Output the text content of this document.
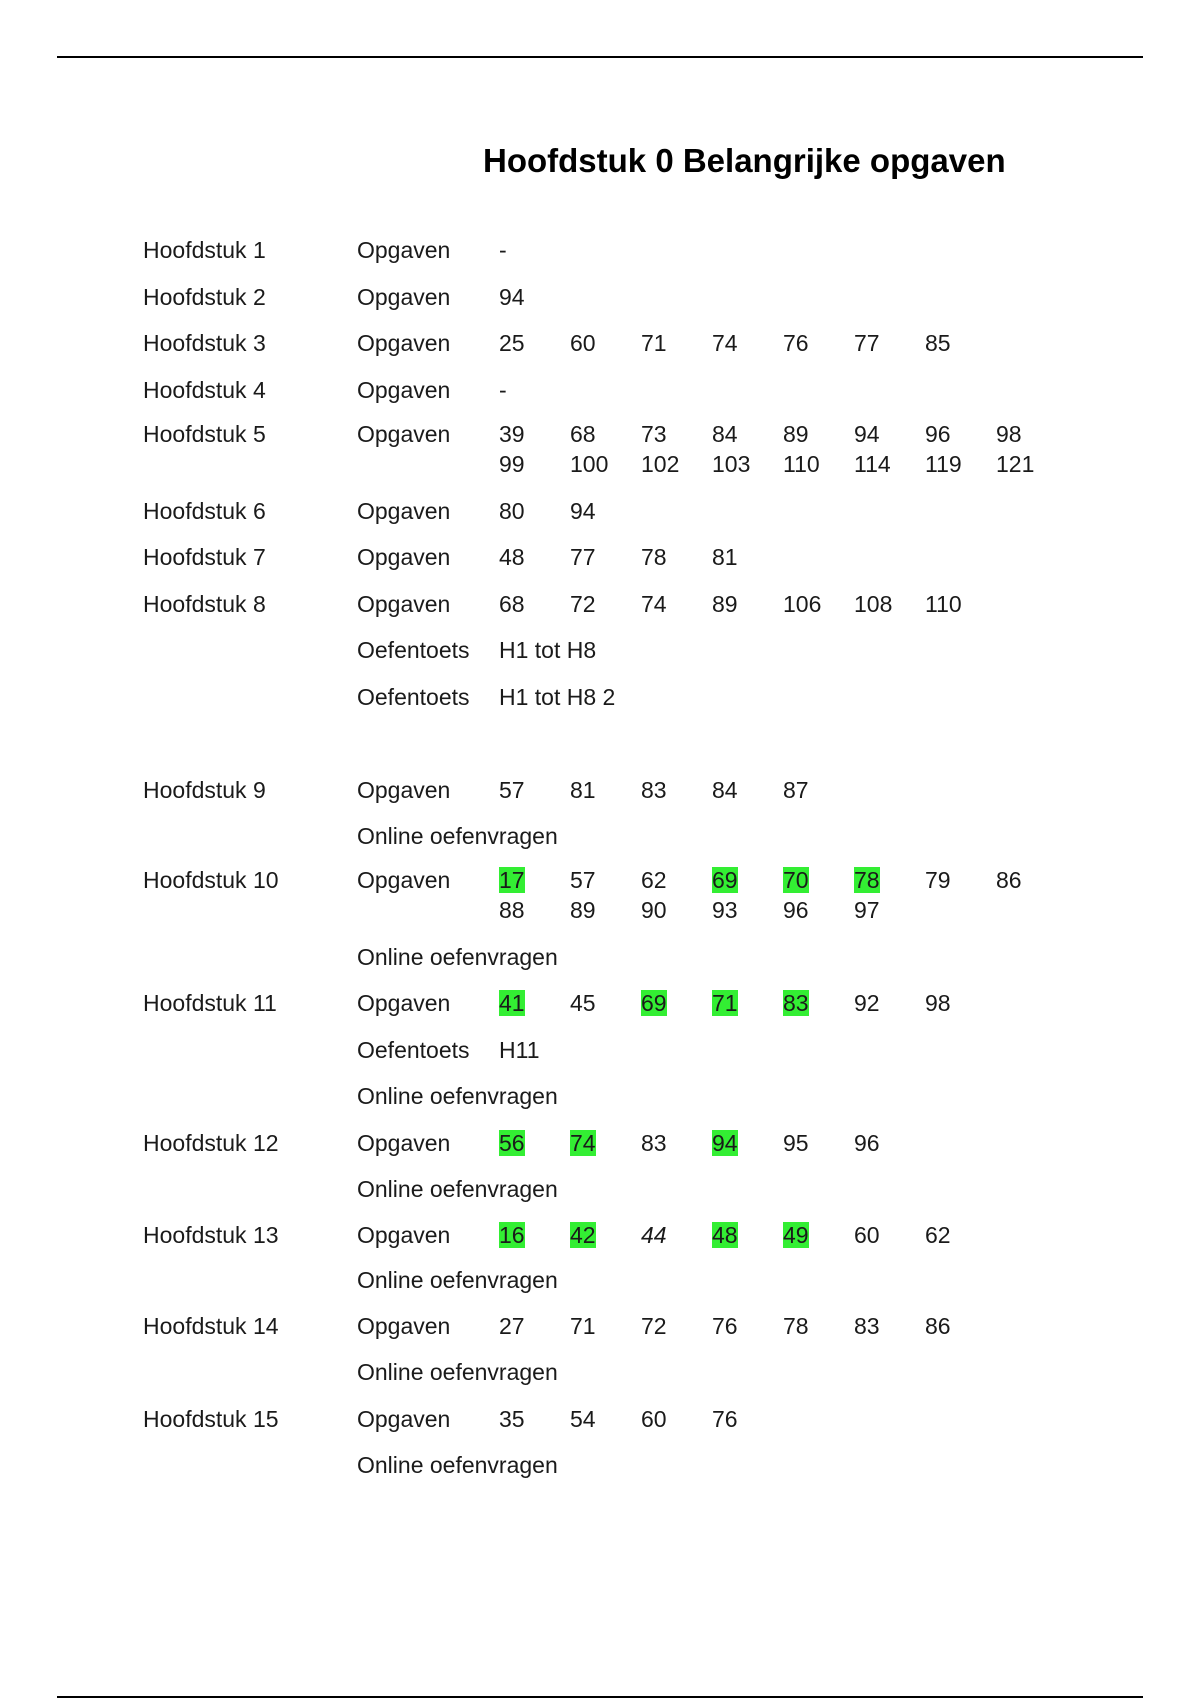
Hoofdstuk 0 Belangrijke opgaven
Hoofdstuk 1	Opgaven -
Hoofdstuk 2	Opgaven 94
Hoofdstuk 3	Opgaven 25 60 71 74 76 77 85
Hoofdstuk 4	Opgaven -
Hoofdstuk 5	Opgaven 39 68 73 84 89 94 96 98
99 100 102 103 110 114 119 121
Hoofdstuk 6	Opgaven 80 94
Hoofdstuk 7	Opgaven 48 77 78 81
Hoofdstuk 8	Opgaven 68 72 74 89 106 108 110
Oefentoets H1 tot H8
Oefentoets H1 tot H8 2
Hoofdstuk 9	Opgaven 57 81 83 84 87
Online oefenvragen
Hoofdstuk 10	Opgaven 17 57 62 69 70 78 79 86
88 89 90 93 96 97
Online oefenvragen
Hoofdstuk 11	Opgaven 41 45 69 71 83 92 98
Oefentoets H11
Online oefenvragen
Hoofdstuk 12	Opgaven 56 74 83 94 95 96
Online oefenvragen
Hoofdstuk 13	Opgaven 16 42 44 48 49 60 62
Online oefenvragen
Hoofdstuk 14	Opgaven 27 71 72 76 78 83 86
Online oefenvragen
Hoofdstuk 15	Opgaven 35 54 60 76
Online oefenvragen
